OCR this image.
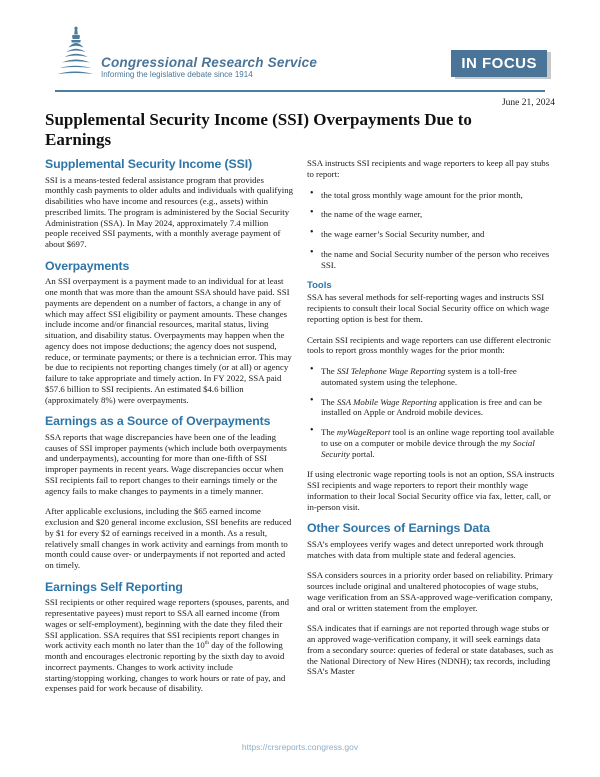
Congressional Research Service
Informing the legislative debate since 1914
IN FOCUS
June 21, 2024
Supplemental Security Income (SSI) Overpayments Due to Earnings
Supplemental Security Income (SSI)

SSI is a means-tested federal assistance program that provides monthly cash payments to older adults and individuals with qualifying disabilities who have income and resources (e.g., assets) within prescribed limits. The program is administered by the Social Security Administration (SSA). In May 2024, approximately 7.4 million people received SSI payments, with a monthly average payment of about $697.

Overpayments

An SSI overpayment is a payment made to an individual for at least one month that was more than the amount SSA should have paid. SSI payments are dependent on a number of factors, a change in any of which may affect SSI eligibility or payment amounts. These changes include income and/or financial resources, marital status, living situation, and disability status. Overpayments may happen when the agency does not impose deductions; the agency does not suspend, reduce, or terminate payments; or there is a technician error. This may be due to recipients not reporting changes timely (or at all) or agency failure to take appropriate and timely action. In FY 2022, SSA paid $57.6 billion to SSI recipients. An estimated $4.6 billion (approximately 8%) were overpayments.

Earnings as a Source of Overpayments

SSA reports that wage discrepancies have been one of the leading causes of SSI improper payments (which include both overpayments and underpayments), accounting for more than one-fifth of SSI improper payments in recent years. Wage discrepancies occur when SSI recipients fail to report changes to their earnings timely or the agency fails to make changes to payments in a timely manner.

After applicable exclusions, including the $65 earned income exclusion and $20 general income exclusion, SSI benefits are reduced by $1 for every $2 of earnings received in a month. As a result, relatively small changes in work activity and earnings from month to month could cause over- or underpayments if not reported and acted on timely.

Earnings Self Reporting

SSI recipients or other required wage reporters (spouses, parents, and representative payees) must report to SSA all earned income (from wages or self-employment), beginning with the date they filed their SSI application. SSA requires that SSI recipients report changes in work activity each month no later than the 10th day of the following month and encourages electronic reporting by the sixth day to avoid incorrect payments. Changes to work activity include starting/stopping working, changes to work hours or rate of pay, and expenses paid for work because of disability.

SSA instructs SSI recipients and wage reporters to keep all pay stubs to report:

• the total gross monthly wage amount for the prior month,
• the name of the wage earner,
• the wage earner’s Social Security number, and
• the name and Social Security number of the person who receives SSI.
Tools

SSA has several methods for self-reporting wages and instructs SSI recipients to consult their local Social Security office on which wage reporting option is best for them.

Certain SSI recipients and wage reporters can use different electronic tools to report gross monthly wages for the prior month:

• The SSI Telephone Wage Reporting system is a toll-free automated system using the telephone.
• The SSA Mobile Wage Reporting application is free and can be installed on Apple or Android mobile devices.
• The myWageReport tool is an online wage reporting tool available to use on a computer or mobile device through the my Social Security portal.

If using electronic wage reporting tools is not an option, SSA instructs SSI recipients and wage reporters to report their monthly wage information to their local Social Security office via fax, letter, call, or in-person visit.

Other Sources of Earnings Data

SSA’s employees verify wages and detect unreported work through matches with data from multiple state and federal agencies.

SSA considers sources in a priority order based on reliability. Primary sources include original and unaltered photocopies of wage stubs, wage verification from an SSA-approved wage-verification company, and oral or written statement from the employer.

SSA indicates that if earnings are not reported through wage stubs or an approved wage-verification company, it will seek earnings data from a secondary source: queries of federal or state databases, such as the National Directory of New Hires (NDNH); tax records, including SSA’s Master

https://crsreports.congress.gov
